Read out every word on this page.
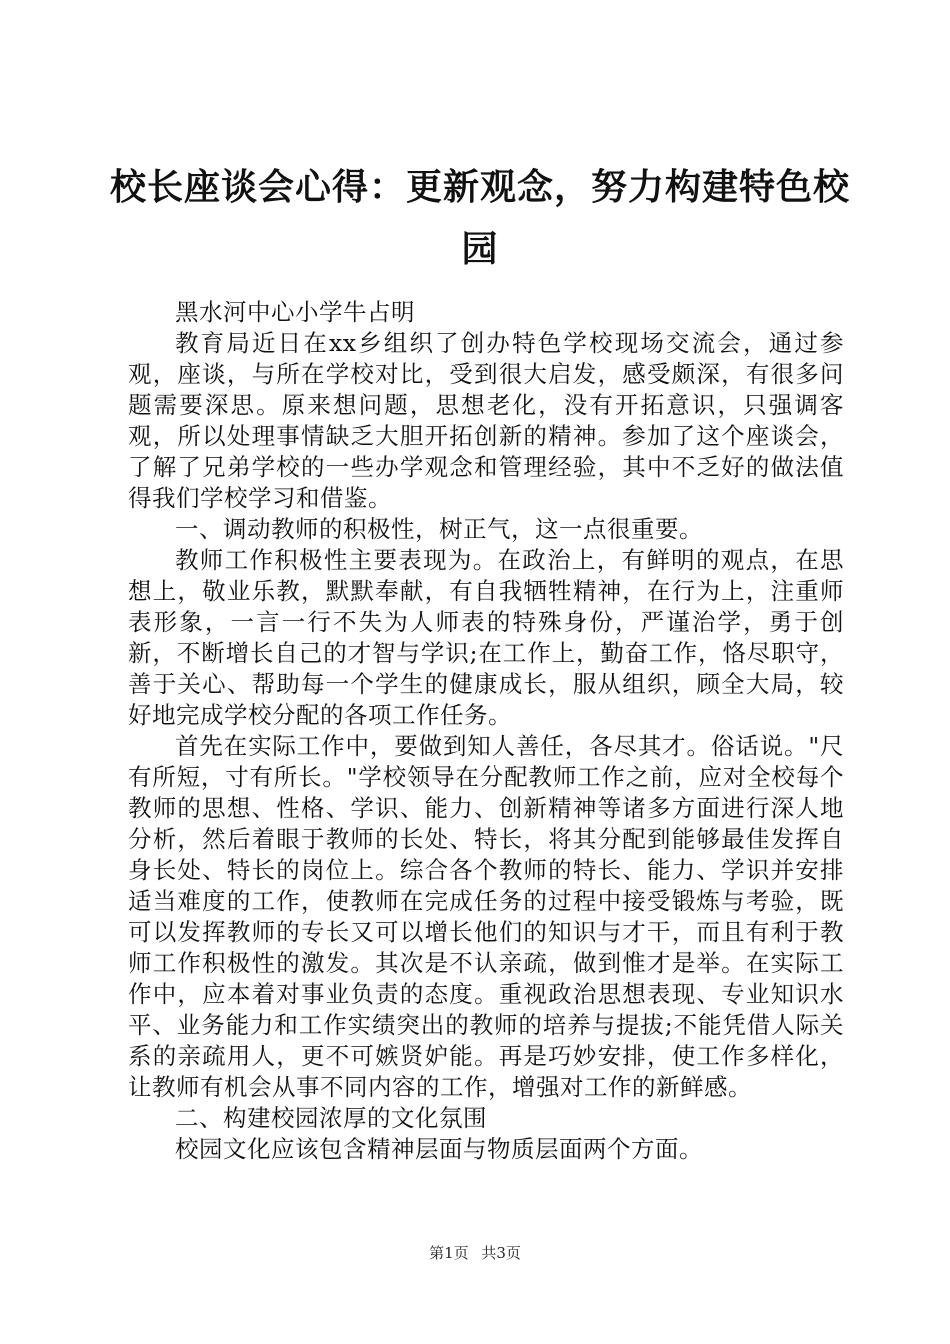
校长座谈会心得：更新观念，努力构建特色校园

黑水河中心小学牛占明

教育局近日在xx乡组织了创办特色学校现场交流会，通过参观，座谈，与所在学校对比，受到很大启发，感受颇深，有很多问题需要深思。原来想问题，思想老化，没有开拓意识，只强调客观，所以处理事情缺乏大胆开拓创新的精神。参加了这个座谈会，了解了兄弟学校的一些办学观念和管理经验，其中不乏好的做法值得我们学校学习和借鉴。

一、调动教师的积极性，树正气，这一点很重要。

教师工作积极性主要表现为。在政治上，有鲜明的观点，在思想上，敬业乐教，默默奉献，有自我牺牲精神，在行为上，注重师表形象，一言一行不失为人师表的特殊身份，严谨治学，勇于创新，不断增长自己的才智与学识;在工作上，勤奋工作，恪尽职守，善于关心、帮助每一个学生的健康成长，服从组织，顾全大局，较好地完成学校分配的各项工作任务。

首先在实际工作中，要做到知人善任，各尽其才。俗话说。"尺有所短，寸有所长。"学校领导在分配教师工作之前，应对全校每个教师的思想、性格、学识、能力、创新精神等诸多方面进行深人地分析，然后着眼于教师的长处、特长，将其分配到能够最佳发挥自身长处、特长的岗位上。综合各个教师的特长、能力、学识并安排适当难度的工作，使教师在完成任务的过程中接受锻炼与考验，既可以发挥教师的专长又可以增长他们的知识与才干，而且有利于教师工作积极性的激发。其次是不认亲疏，做到惟才是举。在实际工作中，应本着对事业负责的态度。重视政治思想表现、专业知识水平、业务能力和工作实绩突出的教师的培养与提拔;不能凭借人际关系的亲疏用人，更不可嫉贤妒能。再是巧妙安排，使工作多样化，让教师有机会从事不同内容的工作，增强对工作的新鲜感。

二、构建校园浓厚的文化氛围

校园文化应该包含精神层面与物质层面两个方面。

第1页 共3页
